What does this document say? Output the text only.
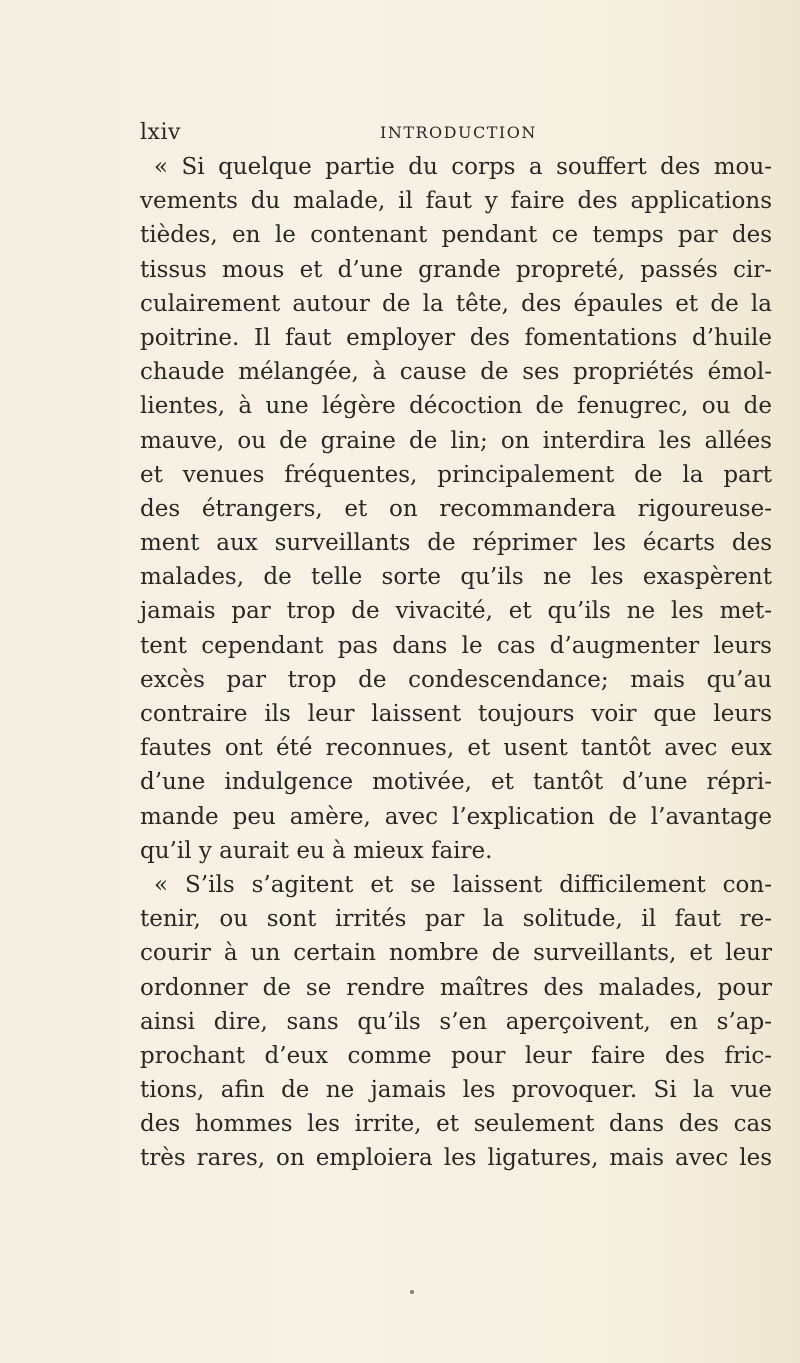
lxiv	INTRODUCTION
« Si quelque partie du corps a souffert des mou-
vements du malade, il faut y faire des applications
tièdes, en le contenant pendant ce temps par des
tissus mous et d’une grande propreté, passés cir-
culairement autour de la tête, des épaules et de la
poitrine. Il faut employer des fomentations d’huile
chaude mélangée, à cause de ses propriétés émol-
lientes, à une légère décoction de fenugrec, ou de
mauve, ou de graine de lin; on interdira les allées
et venues fréquentes, principalement de la part
des étrangers, et on recommandera rigoureuse-
ment aux surveillants de réprimer les écarts des
malades, de telle sorte qu’ils ne les exaspèrent
jamais par trop de vivacité, et qu’ils ne les met-
tent cependant pas dans le cas d’augmenter leurs
excès par trop de condescendance; mais qu’au
contraire ils leur laissent toujours voir que leurs
fautes ont été reconnues, et usent tantôt avec eux
d’une indulgence motivée, et tantôt d’une répri-
mande peu amère, avec l’explication de l’avantage
qu’il y aurait eu à mieux faire.
« S’ils s’agitent et se laissent difficilement con-
tenir, ou sont irrités par la solitude, il faut re-
courir à un certain nombre de surveillants, et leur
ordonner de se rendre maîtres des malades, pour
ainsi dire, sans qu’ils s’en aperçoivent, en s’ap-
prochant d’eux comme pour leur faire des fric-
tions, afin de ne jamais les provoquer. Si la vue
des hommes les irrite, et seulement dans des cas
très rares, on emploiera les ligatures, mais avec les
